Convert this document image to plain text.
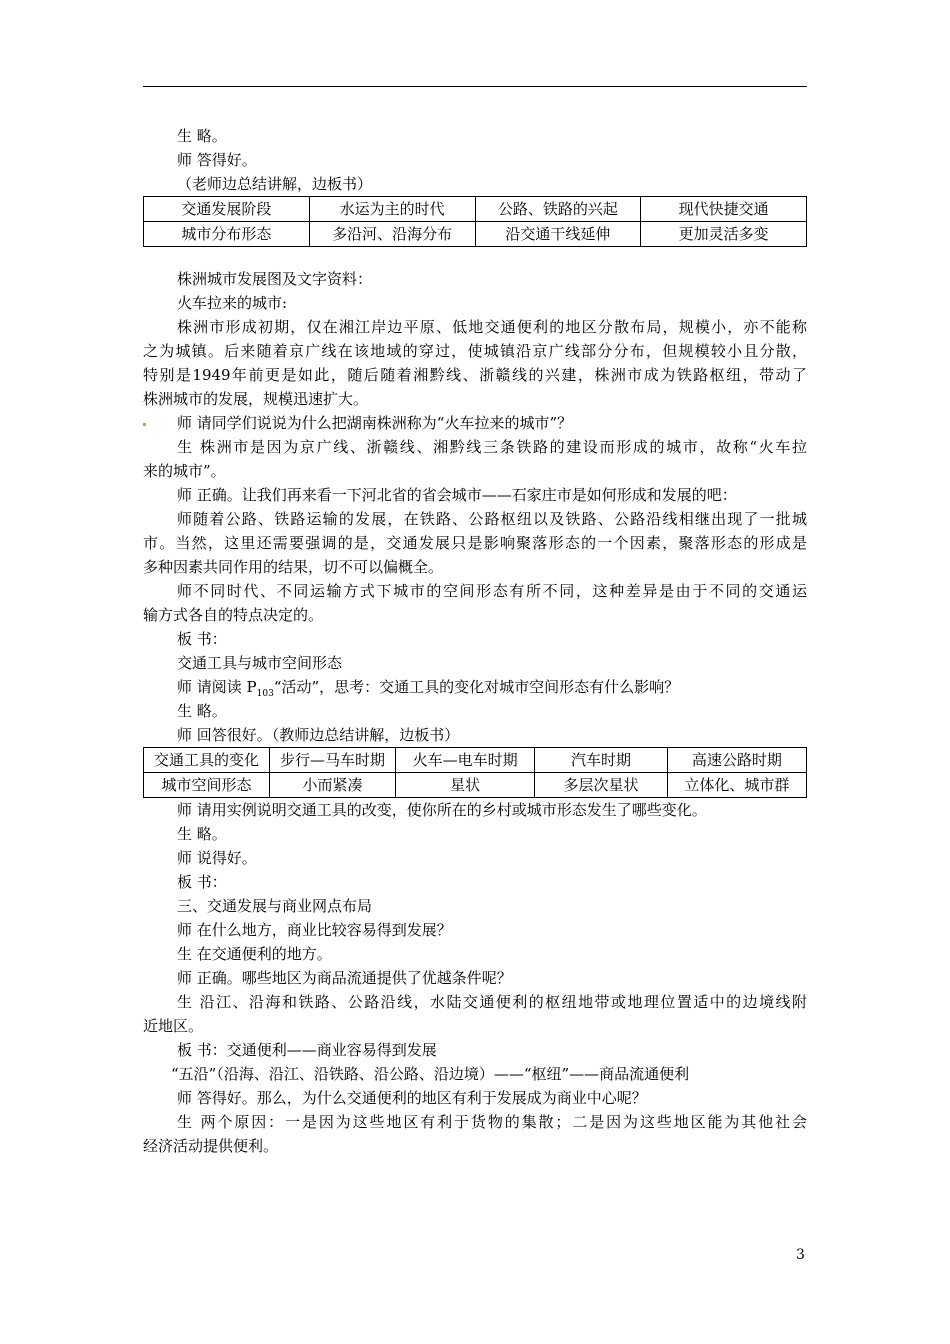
生 略。
师 答得好。
（老师边总结讲解，边板书）
交通发展阶段	水运为主的时代	公路、铁路的兴起	现代快捷交通
城市分布形态	多沿河、沿海分布	沿交通干线延伸	更加灵活多变
株洲城市发展图及文字资料：
火车拉来的城市:
株洲市形成初期，仅在湘江岸边平原、低地交通便利的地区分散布局，规模小，亦不能称
之为城镇。后来随着京广线在该地域的穿过，使城镇沿京广线部分分布，但规模较小且分散，
特别是1949年前更是如此，随后随着湘黔线、浙赣线的兴建，株洲市成为铁路枢纽，带动了
株洲城市的发展，规模迅速扩大。
师 请同学们说说为什么把湖南株洲称为“火车拉来的城市”？
生 株洲市是因为京广线、浙赣线、湘黔线三条铁路的建设而形成的城市，故称“火车拉
来的城市”。
师 正确。让我们再来看一下河北省的省会城市——石家庄市是如何形成和发展的吧：
师随着公路、铁路运输的发展，在铁路、公路枢纽以及铁路、公路沿线相继出现了一批城
市。当然，这里还需要强调的是，交通发展只是影响聚落形态的一个因素，聚落形态的形成是
多种因素共同作用的结果，切不可以偏概全。
师不同时代、不同运输方式下城市的空间形态有所不同，这种差异是由于不同的交通运
输方式各自的特点决定的。
板 书：
交通工具与城市空间形态
师 请阅读 $P_{103}“$活动”，思考：交通工具的变化对城市空间形态有什么影响？
生 略。
师 回答很好。（教师边总结讲解，边板书）
交通工具的变化	步行—马车时期	火车—电车时期	汽车时期	高速公路时期
城市空间形态	小而紧凑	星状	多层次星状	立体化、城市群
师 请用实例说明交通工具的改变，使你所在的乡村或城市形态发生了哪些变化。
生 略。
师 说得好。
板 书：
三、交通发展与商业网点布局
师 在什么地方，商业比较容易得到发展？
生 在交通便利的地方。
师 正确。哪些地区为商品流通提供了优越条件呢？
生 沿江、沿海和铁路、公路沿线，水陆交通便利的枢纽地带或地理位置适中的边境线附
近地区。
板 书：交通便利——商业容易得到发展
“五沿”（沿海、沿江、沿铁路、沿公路、沿边境）——“枢纽”——商品流通便利
师 答得好。那么，为什么交通便利的地区有利于发展成为商业中心呢？
生 两个原因：一是因为这些地区有利于货物的集散；二是因为这些地区能为其他社会
经济活动提供便利。
3
